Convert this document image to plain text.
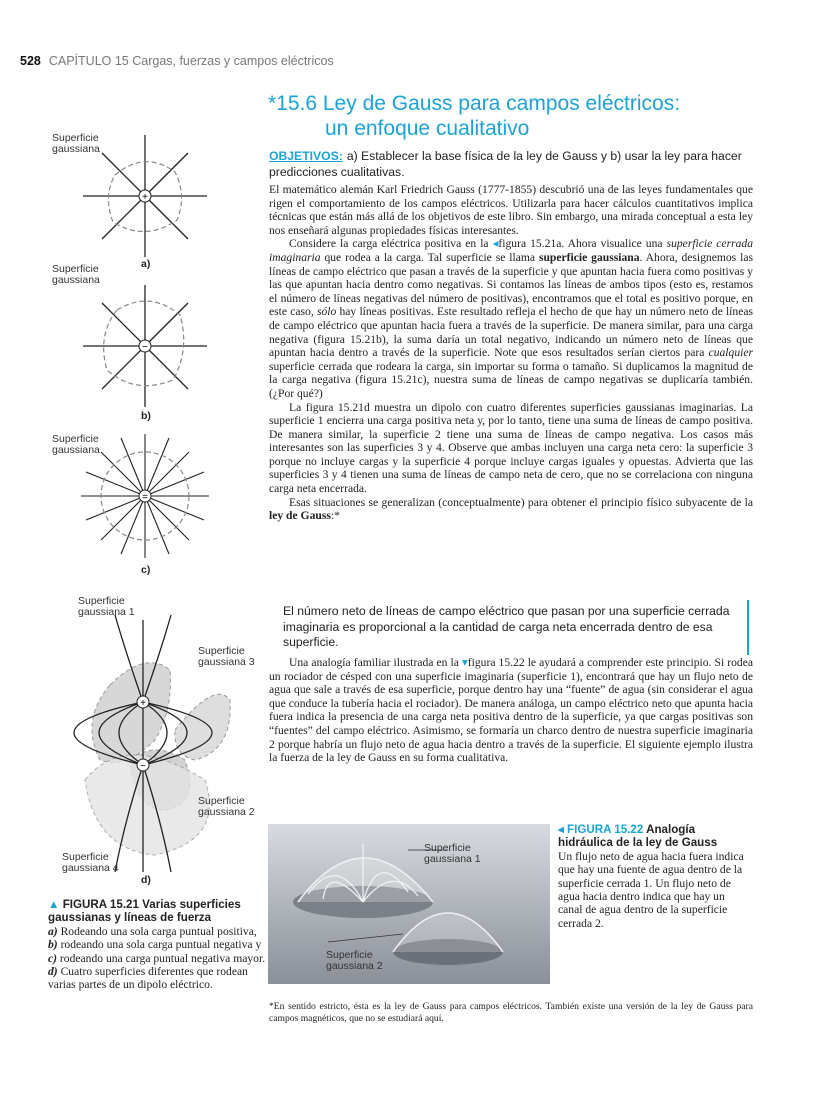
528 CAPÍTULO 15 Cargas, fuerzas y campos eléctricos
*15.6 Ley de Gauss para campos eléctricos:
un enfoque cualitativo
OBJETIVOS: a) Establecer la base física de la ley de Gauss y b) usar la ley para hacer predicciones cualitativas.

El matemático alemán Karl Friedrich Gauss (1777-1855) descubrió una de las leyes fundamentales que rigen el comportamiento de los campos eléctricos. Utilizarla para hacer cálculos cuantitativos implica técnicas que están más allá de los objetivos de este libro. Sin embargo, una mirada conceptual a esta ley nos enseñará algunas propiedades físicas interesantes.

Considere la carga eléctrica positiva en la ◂figura 15.21a. Ahora visualice una superficie cerrada imaginaria que rodea a la carga. Tal superficie se llama superficie gaussiana. Ahora, designemos las líneas de campo eléctrico que pasan a través de la superficie y que apuntan hacia fuera como positivas y las que apuntan hacia dentro como negativas. Si contamos las líneas de ambos tipos (esto es, restamos el número de líneas negativas del número de positivas), encontramos que el total es positivo porque, en este caso, sólo hay líneas positivas. Este resultado refleja el hecho de que hay un número neto de líneas de campo eléctrico que apuntan hacia fuera a través de la superficie. De manera similar, para una carga negativa (figura 15.21b), la suma daría un total negativo, indicando un número neto de líneas que apuntan hacia dentro a través de la superficie. Note que esos resultados serían ciertos para cualquier superficie cerrada que rodeara la carga, sin importar su forma o tamaño. Si duplicamos la magnitud de la carga negativa (figura 15.21c), nuestra suma de líneas de campo negativas se duplicaría también. (¿Por qué?)

La figura 15.21d muestra un dipolo con cuatro diferentes superficies gaussianas imaginarias. La superficie 1 encierra una carga positiva neta y, por lo tanto, tiene una suma de líneas de campo positiva. De manera similar, la superficie 2 tiene una suma de líneas de campo negativa. Los casos más interesantes son las superficies 3 y 4. Observe que ambas incluyen una carga neta cero: la superficie 3 porque no incluye cargas y la superficie 4 porque incluye cargas iguales y opuestas. Advierta que las superficies 3 y 4 tienen una suma de líneas de campo neta de cero, que no se correlaciona con ninguna carga neta encerrada.

Esas situaciones se generalizan (conceptualmente) para obtener el principio físico subyacente de la ley de Gauss:*

El número neto de líneas de campo eléctrico que pasan por una superficie cerrada imaginaria es proporcional a la cantidad de carga neta encerrada dentro de esa superficie.

Una analogía familiar ilustrada en la ▾figura 15.22 le ayudará a comprender este principio. Si rodea un rociador de césped con una superficie imaginaria (superficie 1), encontrará que hay un flujo neto de agua que sale a través de esa superficie, porque dentro hay una “fuente” de agua (sin considerar el agua que conduce la tubería hacia el rociador). De manera análoga, un campo eléctrico neto que apunta hacia fuera indica la presencia de una carga neta positiva dentro de la superficie, ya que cargas positivas son “fuentes” del campo eléctrico. Asimismo, se formaría un charco dentro de nuestra superficie imaginaria 2 porque habría un flujo neto de agua hacia dentro a través de la superficie. El siguiente ejemplo ilustra la fuerza de la ley de Gauss en su forma cualitativa.

*En sentido estricto, ésta es la ley de Gauss para campos eléctricos. También existe una versión de la ley de Gauss para campos magnéticos, que no se estudiará aquí.
Superficie
gaussiana 1
Superficie
gaussiana 2
◂ FIGURA 15.22 Analogía hidráulica de la ley de Gauss
Un flujo neto de agua hacia fuera indica que hay una fuente de agua dentro de la superficie cerrada 1. Un flujo neto de agua hacia dentro indica que hay un canal de agua dentro de la superficie cerrada 2.
+
Superficie
gaussiana
a)
−
Superficie
gaussiana
b)
=
Superficie
gaussiana
c)
+
−
Superficie
gaussiana 1
Superficie
gaussiana 3
Superficie
gaussiana 2
Superficie
gaussiana 4
d)
▲ FIGURA 15.21 Varias superficies gaussianas y líneas de fuerza
a) Rodeando una sola carga puntual positiva, b) rodeando una sola carga puntual negativa y c) rodeando una carga puntual negativa mayor. d) Cuatro superficies diferentes que rodean varias partes de un dipolo eléctrico.
